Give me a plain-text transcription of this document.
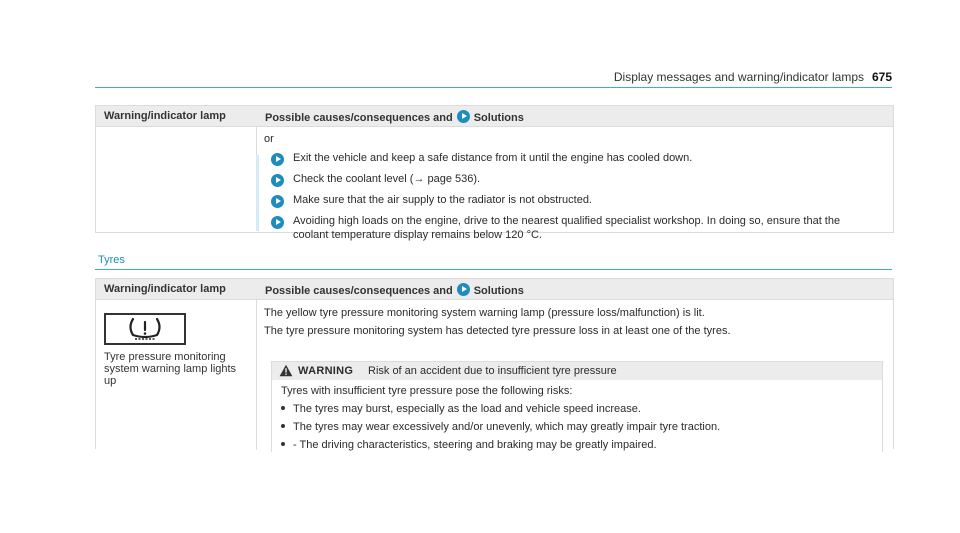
Display messages and warning/indicator lamps 675
Warning/indicator lamp	Possible causes/consequences and Solutions
or
Exit the vehicle and keep a safe distance from it until the engine has cooled down.
Check the coolant level (→ page 536).
Make sure that the air supply to the radiator is not obstructed.
Avoiding high loads on the engine, drive to the nearest qualified specialist workshop. In doing so, ensure that the
coolant temperature display remains below 120 °C.
Tyres
Warning/indicator lamp	Possible causes/consequences and Solutions
Tyre pressure monitoring
system warning lamp lights
up
The yellow tyre pressure monitoring system warning lamp (pressure loss/malfunction) is lit.
The tyre pressure monitoring system has detected tyre pressure loss in at least one of the tyres.
WARNING Risk of an accident due to insufficient tyre pressure
Tyres with insufficient tyre pressure pose the following risks:
The tyres may burst, especially as the load and vehicle speed increase.
The tyres may wear excessively and/or unevenly, which may greatly impair tyre traction.
- The driving characteristics, steering and braking may be greatly impaired.
